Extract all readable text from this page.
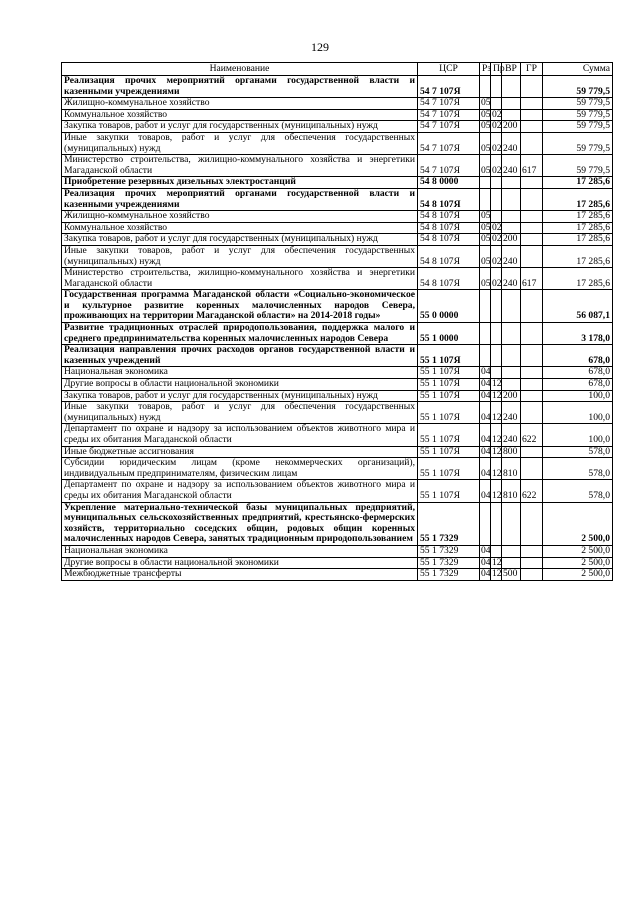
129
Наименование	ЦСР	Рз	Пр	ВР	ГР	Сумма
Реализация прочих мероприятий органами государственной власти и казенными учреждениями	54 7 107Я					59 779,5
Жилищно-коммунальное хозяйство	54 7 107Я	05				59 779,5
Коммунальное хозяйство	54 7 107Я	05	02			59 779,5
Закупка товаров, работ и услуг для государственных (муниципальных) нужд	54 7 107Я	05	02	200		59 779,5
Иные закупки товаров, работ и услуг для обеспечения государственных (муниципальных) нужд	54 7 107Я	05	02	240		59 779,5
Министерство строительства, жилищно-коммунального хозяйства и энергетики Магаданской области	54 7 107Я	05	02	240	617	59 779,5
Приобретение резервных дизельных электростанций	54 8 0000					17 285,6
Реализация прочих мероприятий органами государственной власти и казенными учреждениями	54 8 107Я					17 285,6
Жилищно-коммунальное хозяйство	54 8 107Я	05				17 285,6
Коммунальное хозяйство	54 8 107Я	05	02			17 285,6
Закупка товаров, работ и услуг для государственных (муниципальных) нужд	54 8 107Я	05	02	200		17 285,6
Иные закупки товаров, работ и услуг для обеспечения государственных (муниципальных) нужд	54 8 107Я	05	02	240		17 285,6
Министерство строительства, жилищно-коммунального хозяйства и энергетики Магаданской области	54 8 107Я	05	02	240	617	17 285,6
Государственная программа Магаданской области «Социально-экономическое и культурное развитие коренных малочисленных народов Севера, проживающих на территории Магаданской области» на 2014-2018 годы»	55 0 0000					56 087,1
Развитие традиционных отраслей природопользования, поддержка малого и среднего предпринимательства коренных малочисленных народов Севера	55 1 0000					3 178,0
Реализация направления прочих расходов органов государственной власти и казенных учреждений	55 1 107Я					678,0
Национальная экономика	55 1 107Я	04				678,0
Другие вопросы в области национальной экономики	55 1 107Я	04	12			678,0
Закупка товаров, работ и услуг для государственных (муниципальных) нужд	55 1 107Я	04	12	200		100,0
Иные закупки товаров, работ и услуг для обеспечения государственных (муниципальных) нужд	55 1 107Я	04	12	240		100,0
Департамент по охране и надзору за использованием объектов животного мира и среды их обитания Магаданской области	55 1 107Я	04	12	240	622	100,0
Иные бюджетные ассигнования	55 1 107Я	04	12	800		578,0
Субсидии юридическим лицам (кроме некоммерческих организаций), индивидуальным предпринимателям, физическим лицам	55 1 107Я	04	12	810		578,0
Департамент по охране и надзору за использованием объектов животного мира и среды их обитания Магаданской области	55 1 107Я	04	12	810	622	578,0
Укрепление материально-технической базы муниципальных предприятий, муниципальных сельскохозяйственных предприятий, крестьянско-фермерских хозяйств, территориально соседских общин, родовых общин коренных малочисленных народов Севера, занятых традиционным природопользованием	55 1 7329					2 500,0
Национальная экономика	55 1 7329	04				2 500,0
Другие вопросы в области национальной экономики	55 1 7329	04	12			2 500,0
Межбюджетные трансферты	55 1 7329	04	12	500		2 500,0
